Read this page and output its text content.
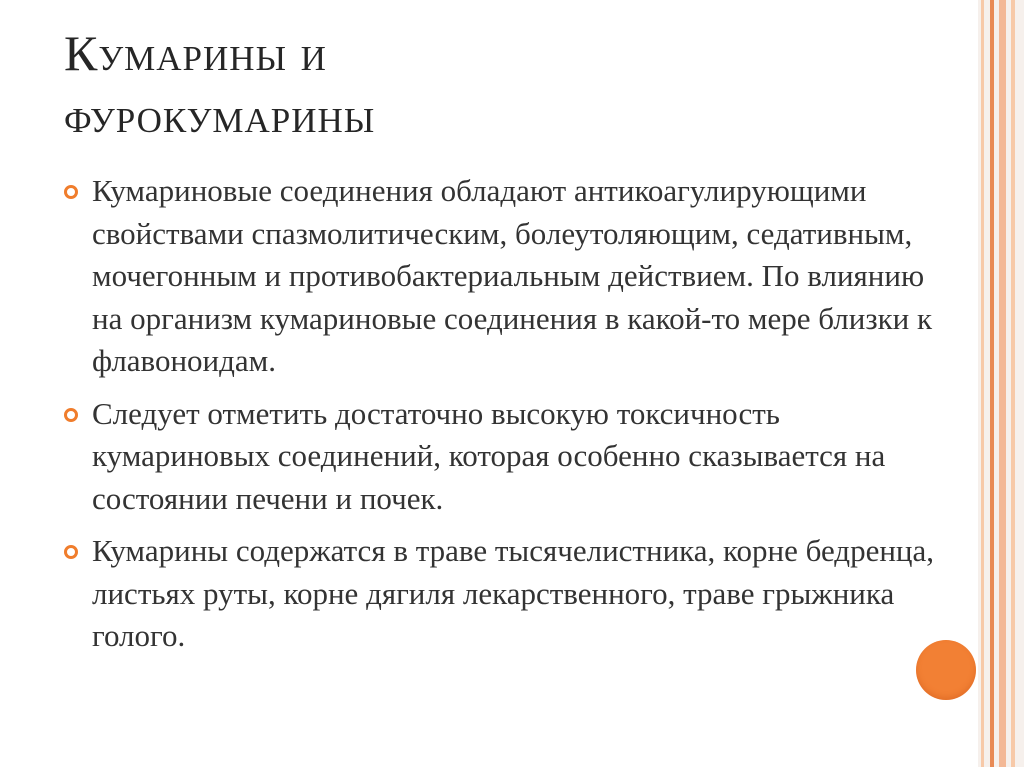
Кумарины и
фурокумарины
Кумариновые соединения обладают антикоагулирующими свойствами спазмолитическим, болеутоляющим, седативным, мочегонным и противобактериальным действием. По влиянию на организм кумариновые соединения в какой-то мере близки к флавоноидам.
Следует отметить достаточно высокую токсичность кумариновых соединений, которая особенно сказывается на состоянии печени и почек.
Кумарины содержатся в траве тысячелистника, корне бедренца, листьях руты, корне дягиля лекарственного, траве грыжника голого.
